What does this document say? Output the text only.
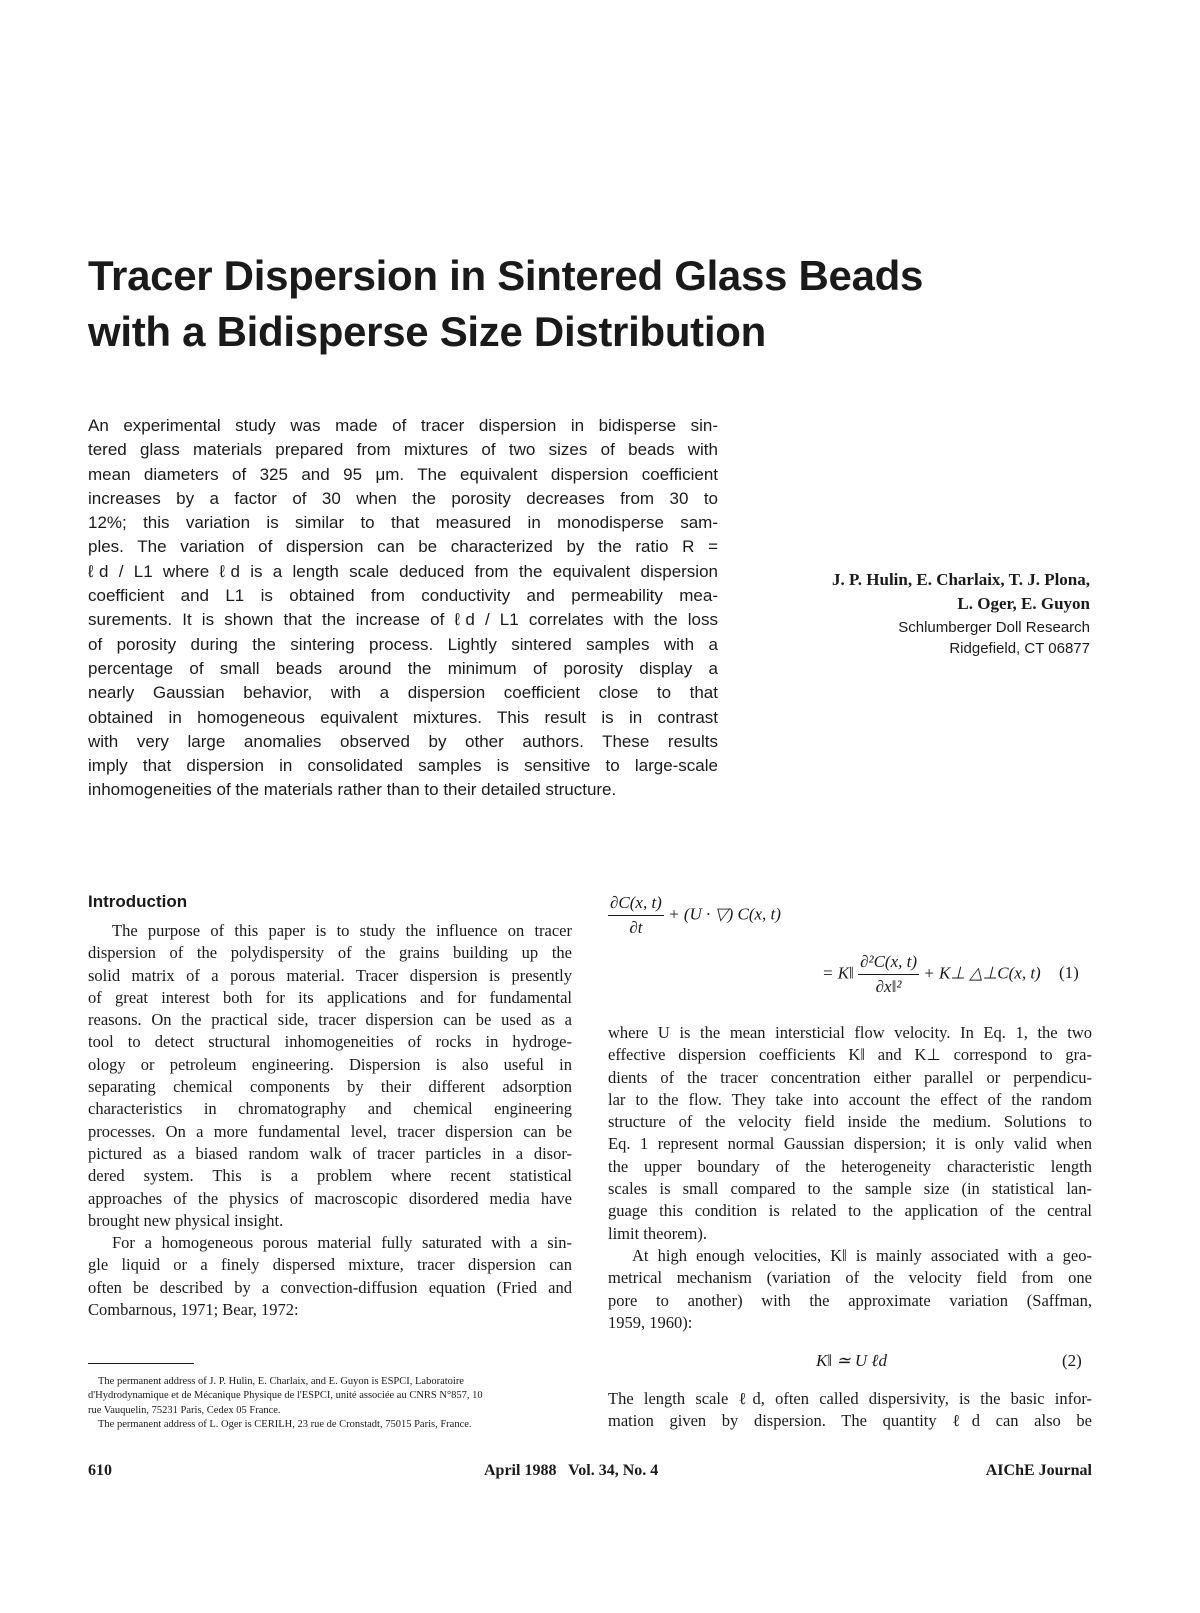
Tracer Dispersion in Sintered Glass Beads
with a Bidisperse Size Distribution
An experimental study was made of tracer dispersion in bidisperse sin-
tered glass materials prepared from mixtures of two sizes of beads with
mean diameters of 325 and 95 μm. The equivalent dispersion coefficient
increases by a factor of 30 when the porosity decreases from 30 to
12%; this variation is similar to that measured in monodisperse sam-
ples. The variation of dispersion can be characterized by the ratio R =
ℓd / L1 where ℓd is a length scale deduced from the equivalent dispersion
coefficient and L1 is obtained from conductivity and permeability mea-
surements. It is shown that the increase of ℓd / L1 correlates with the loss
of porosity during the sintering process. Lightly sintered samples with a
percentage of small beads around the minimum of porosity display a
nearly Gaussian behavior, with a dispersion coefficient close to that
obtained in homogeneous equivalent mixtures. This result is in contrast
with very large anomalies observed by other authors. These results
imply that dispersion in consolidated samples is sensitive to large-scale
inhomogeneities of the materials rather than to their detailed structure.
J. P. Hulin, E. Charlaix, T. J. Plona,
L. Oger, E. Guyon
Schlumberger Doll Research
Ridgefield, CT 06877
Introduction
The purpose of this paper is to study the influence on tracer
dispersion of the polydispersity of the grains building up the
solid matrix of a porous material. Tracer dispersion is presently
of great interest both for its applications and for fundamental
reasons. On the practical side, tracer dispersion can be used as a
tool to detect structural inhomogeneities of rocks in hydroge-
ology or petroleum engineering. Dispersion is also useful in
separating chemical components by their different adsorption
characteristics in chromatography and chemical engineering
processes. On a more fundamental level, tracer dispersion can be
pictured as a biased random walk of tracer particles in a disor-
dered system. This is a problem where recent statistical
approaches of the physics of macroscopic disordered media have
brought new physical insight.
For a homogeneous porous material fully saturated with a sin-
gle liquid or a finely dispersed mixture, tracer dispersion can
often be described by a convection-diffusion equation (Fried and
Combarnous, 1971; Bear, 1972:
$\frac{\partial C(x, t)}{\partial t} + (U$ · ▽) C(x, t)
= K‖ $\frac{\text{∂²C(x, t)}}{\text{∂x‖²}}$ + K⊥ △⊥C(x, t) (1)
where U is the mean intersticial flow velocity. In Eq. 1, the two
effective dispersion coefficients K‖ and K⊥ correspond to gra-
dients of the tracer concentration either parallel or perpendicu-
lar to the flow. They take into account the effect of the random
structure of the velocity field inside the medium. Solutions to
Eq. 1 represent normal Gaussian dispersion; it is only valid when
the upper boundary of the heterogeneity characteristic length
scales is small compared to the sample size (in statistical lan-
guage this condition is related to the application of the central
limit theorem).
At high enough velocities, K‖ is mainly associated with a geo-
metrical mechanism (variation of the velocity field from one
pore to another) with the approximate variation (Saffman,
1959, 1960):
K‖ ≃ U ℓd	(2)
The length scale ℓd, often called dispersivity, is the basic infor-
mation given by dispersion. The quantity ℓd can also be
The permanent address of J. P. Hulin, E. Charlaix, and E. Guyon is ESPCI, Laboratoire
d'Hydrodynamique et de Mécanique Physique de l'ESPCI, unité associée au CNRS N°857, 10
rue Vauquelin, 75231 Paris, Cedex 05 France.
The permanent address of L. Oger is CERILH, 23 rue de Cronstadt, 75015 Paris, France.
610	April 1988   Vol. 34, No. 4	AIChE Journal
